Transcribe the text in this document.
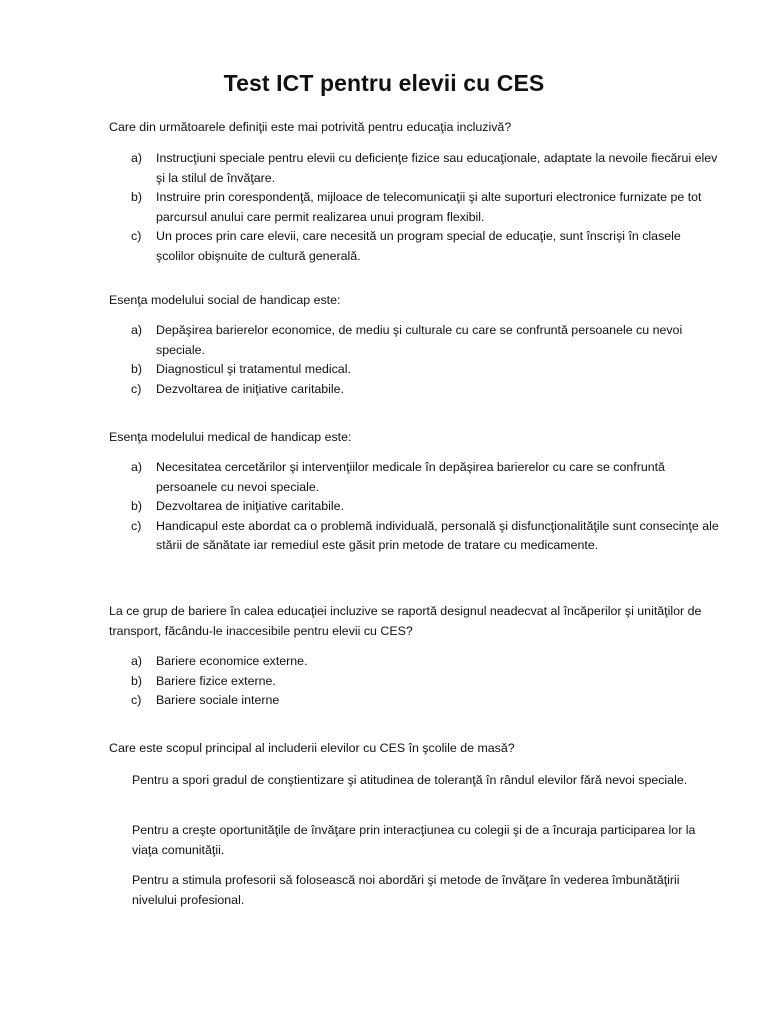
Test ICT pentru elevii cu CES
Care din următoarele definiţii este mai potrivită pentru educaţia incluzivă?
a) Instrucţiuni speciale pentru elevii cu deficienţe fizice sau educaţionale, adaptate la nevoile fiecărui elev şi la stilul de învăţare.
b) Instruire prin corespondenţă, mijloace de telecomunicaţii şi alte suporturi electronice furnizate pe tot parcursul anului care permit realizarea unui program flexibil.
c) Un proces prin care elevii, care necesită un program special de educaţie, sunt înscrişi în clasele şcolilor obişnuite de cultură generală.
Esenţa modelului social de handicap este:
a) Depăşirea barierelor economice, de mediu şi culturale cu care se confruntă persoanele cu nevoi speciale.
b) Diagnosticul şi tratamentul medical.
c) Dezvoltarea de iniţiative caritabile.
Esenţa modelului medical de handicap este:
a) Necesitatea cercetărilor şi intervenţiilor medicale în depăşirea barierelor cu care se confruntă persoanele cu nevoi speciale.
b) Dezvoltarea de iniţiative caritabile.
c) Handicapul este abordat ca o problemă individuală, personală şi disfuncţionalităţile sunt consecinţe ale stării de sănătate iar remediul este găsit prin metode de tratare cu medicamente.
La ce grup de bariere în calea educaţiei incluzive se raportă designul neadecvat al încăperilor şi unităţilor de transport, făcându-le inaccesibile pentru elevii cu CES?
a) Bariere economice externe.
b) Bariere fizice externe.
c) Bariere sociale interne
Care este scopul principal al includerii elevilor cu CES în şcolile de masă?
Pentru a spori gradul de conştientizare şi atitudinea de toleranţă în rândul elevilor fără nevoi speciale.
Pentru a creşte oportunităţile de învăţare prin interacţiunea cu colegii şi de a încuraja participarea lor la viaţa comunităţii.
Pentru a stimula profesorii să folosească noi abordări şi metode de învăţare în vederea îmbunătăţirii nivelului profesional.
